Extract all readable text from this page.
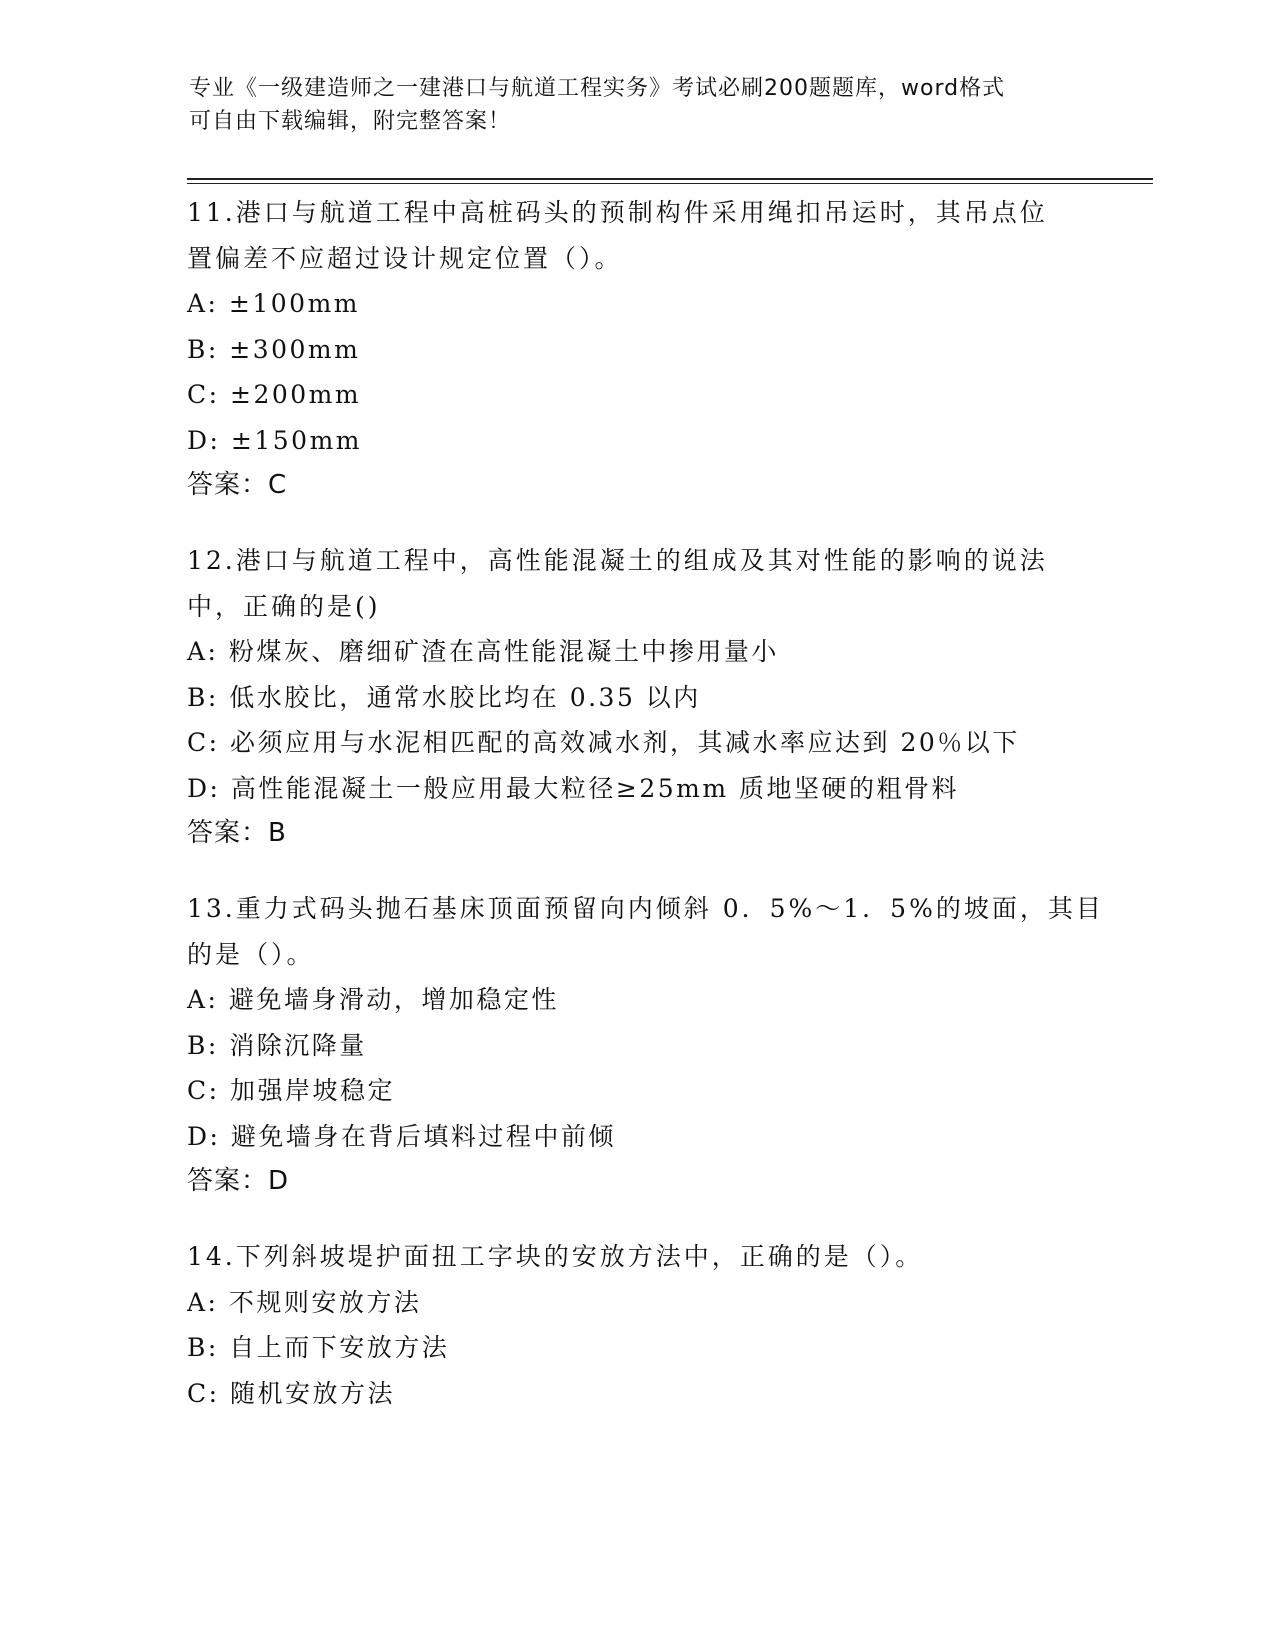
专业《一级建造师之一建港口与航道工程实务》考试必刷200题题库，word格式
可自由下载编辑，附完整答案！
11.港口与航道工程中高桩码头的预制构件采用绳扣吊运时，其吊点位
置偏差不应超过设计规定位置（）。
A: ±100mm
B: ±300mm
C: ±200mm
D: ±150mm
答案：C
12.港口与航道工程中，高性能混凝土的组成及其对性能的影响的说法
中，正确的是()
A: 粉煤灰、磨细矿渣在高性能混凝土中掺用量小
B: 低水胶比，通常水胶比均在 0.35 以内
C: 必须应用与水泥相匹配的高效减水剂，其减水率应达到 20％以下
D: 高性能混凝土一般应用最大粒径≥25mm 质地坚硬的粗骨料
答案：B
13.重力式码头抛石基床顶面预留向内倾斜 0．5%～1．5%的坡面，其目
的是（）。
A: 避免墙身滑动，增加稳定性
B: 消除沉降量
C: 加强岸坡稳定
D: 避免墙身在背后填料过程中前倾
答案：D
14.下列斜坡堤护面扭工字块的安放方法中，正确的是（）。
A: 不规则安放方法
B: 自上而下安放方法
C: 随机安放方法
